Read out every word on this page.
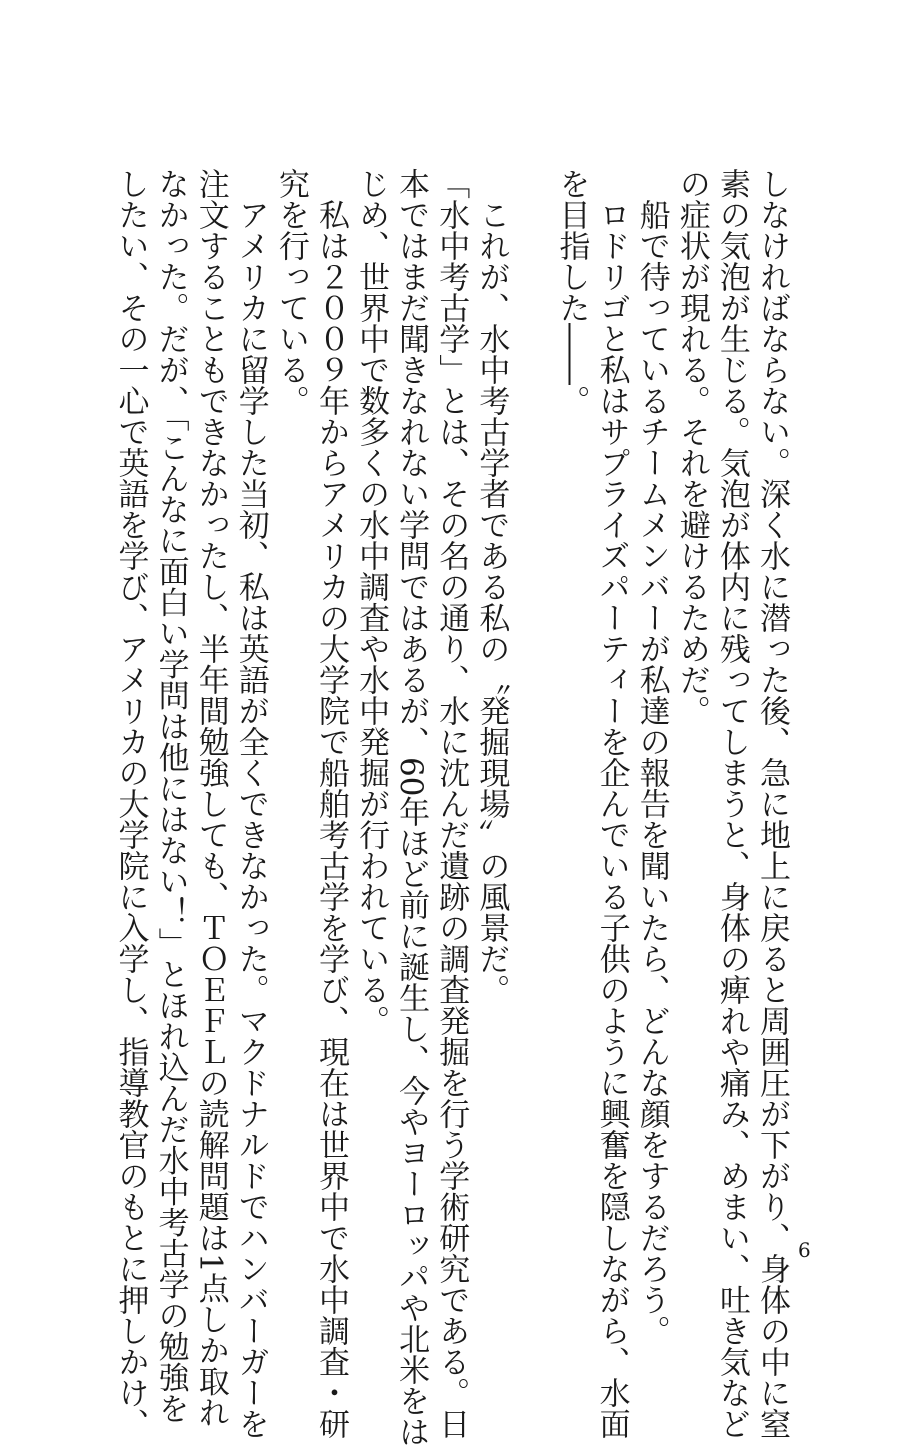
しなければならない。深く水に潜った後、急に地上に戻ると周囲圧が下がり、身体の中に窒
素の気泡が生じる。気泡が体内に残ってしまうと、身体の痺れや痛み、めまい、吐き気など
の症状が現れる。それを避けるためだ。
　船で待っているチームメンバーが私達の報告を聞いたら、どんな顔をするだろう。
　ロドリゴと私はサプライズパーティーを企んでいる子供のように興奮を隠しながら、水面
を目指した――。
　これが、水中考古学者である私の〝発掘現場〟の風景だ。
「水中考古学」とは、その名の通り、水に沈んだ遺跡の調査発掘を行う学術研究である。日
本ではまだ聞きなれない学問ではあるが、60年ほど前に誕生し、今やヨーロッパや北米をは
じめ、世界中で数多くの水中調査や水中発掘が行われている。
　私は２００９年からアメリカの大学院で船舶考古学を学び、現在は世界中で水中調査・研
究を行っている。
　アメリカに留学した当初、私は英語が全くできなかった。マクドナルドでハンバーガーを
注文することもできなかったし、半年間勉強しても、ＴＯＥＦＬの読解問題は1点しか取れ
なかった。だが、「こんなに面白い学問は他にはない！」とほれ込んだ水中考古学の勉強を
したい、その一心で英語を学び、アメリカの大学院に入学し、指導教官のもとに押しかけ、	6
